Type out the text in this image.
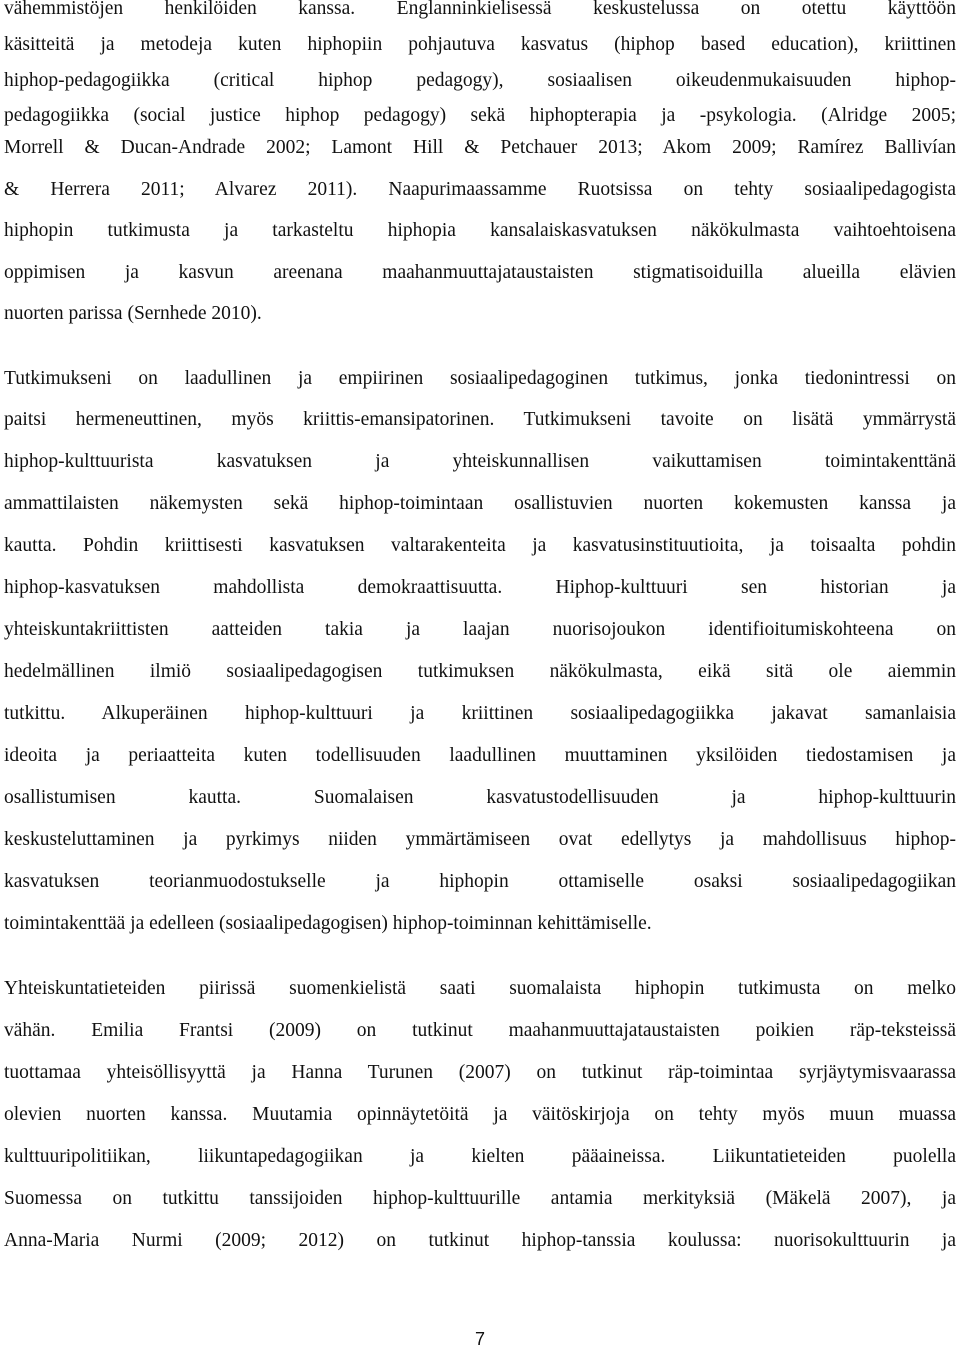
vähemmistöjen henkilöiden kanssa. Englanninkielisessä keskustelussa on otettu käyttöön
käsitteitä ja metodeja kuten hiphopiin pohjautuva kasvatus (hiphop based education), kriittinen
hiphop-pedagogiikka (critical hiphop pedagogy), sosiaalisen oikeudenmukaisuuden hiphop-
pedagogiikka (social justice hiphop pedagogy) sekä hiphopterapia ja -psykologia. (Alridge 2005;
Morrell & Ducan-Andrade 2002; Lamont Hill & Petchauer 2013; Akom 2009; Ramírez Ballivían
& Herrera 2011; Alvarez 2011). Naapurimaassamme Ruotsissa on tehty sosiaalipedagogista
hiphopin tutkimusta ja tarkasteltu hiphopia kansalaiskasvatuksen näkökulmasta vaihtoehtoisena
oppimisen ja kasvun areenana maahanmuuttajataustaisten stigmatisoiduilla alueilla elävien
nuorten parissa (Sernhede 2010).
Tutkimukseni on laadullinen ja empiirinen sosiaalipedagoginen tutkimus, jonka tiedonintressi on
paitsi hermeneuttinen, myös kriittis-emansipatorinen. Tutkimukseni tavoite on lisätä ymmärrystä
hiphop-kulttuurista kasvatuksen ja yhteiskunnallisen vaikuttamisen toimintakenttänä
ammattilaisten näkemysten sekä hiphop-toimintaan osallistuvien nuorten kokemusten kanssa ja
kautta. Pohdin kriittisesti kasvatuksen valtarakenteita ja kasvatusinstituutioita, ja toisaalta pohdin
hiphop-kasvatuksen mahdollista demokraattisuutta. Hiphop-kulttuuri sen historian ja
yhteiskuntakriittisten aatteiden takia ja laajan nuorisojoukon identifioitumiskohteena on
hedelmällinen ilmiö sosiaalipedagogisen tutkimuksen näkökulmasta, eikä sitä ole aiemmin
tutkittu. Alkuperäinen hiphop-kulttuuri ja kriittinen sosiaalipedagogiikka jakavat samanlaisia
ideoita ja periaatteita kuten todellisuuden laadullinen muuttaminen yksilöiden tiedostamisen ja
osallistumisen kautta. Suomalaisen kasvatustodellisuuden ja hiphop-kulttuurin
keskusteluttaminen ja pyrkimys niiden ymmärtämiseen ovat edellytys ja mahdollisuus hiphop-
kasvatuksen teorianmuodostukselle ja hiphopin ottamiselle osaksi sosiaalipedagogiikan
toimintakenttää ja edelleen (sosiaalipedagogisen) hiphop-toiminnan kehittämiselle.
Yhteiskuntatieteiden piirissä suomenkielistä saati suomalaista hiphopin tutkimusta on melko
vähän. Emilia Frantsi (2009) on tutkinut maahanmuuttajataustaisten poikien räp-teksteissä
tuottamaa yhteisöllisyyttä ja Hanna Turunen (2007) on tutkinut räp-toimintaa syrjäytymisvaarassa
olevien nuorten kanssa. Muutamia opinnäytetöitä ja väitöskirjoja on tehty myös muun muassa
kulttuuripolitiikan, liikuntapedagogiikan ja kielten pääaineissa. Liikuntatieteiden puolella
Suomessa on tutkittu tanssijoiden hiphop-kulttuurille antamia merkityksiä (Mäkelä 2007), ja
Anna-Maria Nurmi (2009; 2012) on tutkinut hiphop-tanssia koulussa: nuorisokulttuurin ja
7
